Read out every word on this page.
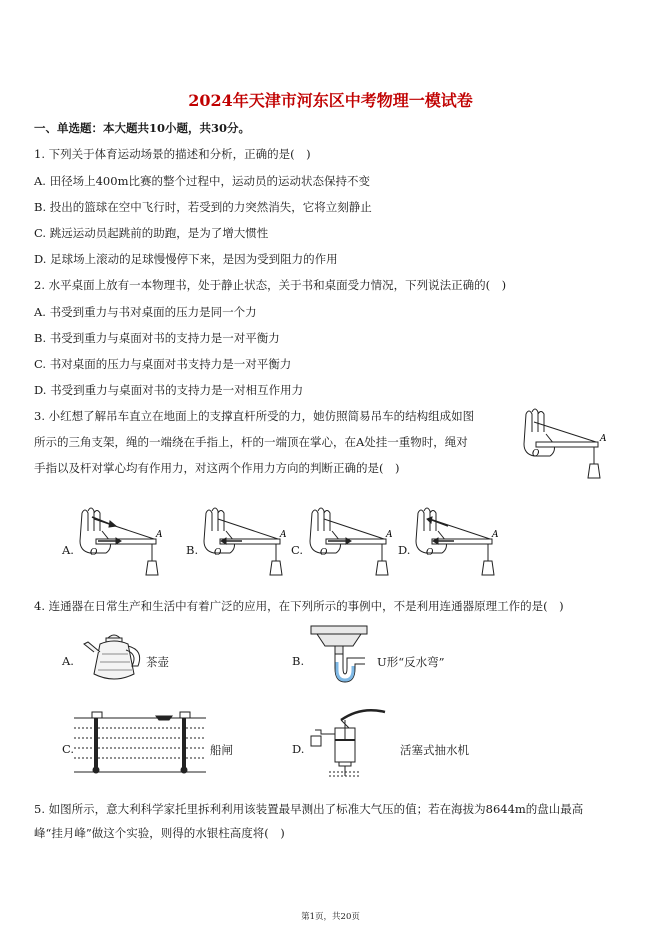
2024年天津市河东区中考物理一模试卷
一、单选题：本大题共10小题，共30分。
1. 下列关于体育运动场景的描述和分析，正确的是(　)
A. 田径场上400m比赛的整个过程中，运动员的运动状态保持不变
B. 投出的篮球在空中飞行时，若受到的力突然消失，它将立刻静止
C. 跳远运动员起跳前的助跑，是为了增大惯性
D. 足球场上滚动的足球慢慢停下来，是因为受到阻力的作用
2. 水平桌面上放有一本物理书，处于静止状态，关于书和桌面受力情况，下列说法正确的(　)
A. 书受到重力与书对桌面的压力是同一个力
B. 书受到重力与桌面对书的支持力是一对平衡力
C. 书对桌面的压力与桌面对书支持力是一对平衡力
D. 书受到重力与桌面对书的支持力是一对相互作用力
3. 小红想了解吊车直立在地面上的支撑直杆所受的力，她仿照简易吊车的结构组成如图
所示的三角支架，绳的一端绕在手指上，杆的一端顶在掌心，在A处挂一重物时，绳对
手指以及杆对掌心均有作用力，对这两个作用力方向的判断正确的是(　)
A
O
A.
A
O	B.
A
O	C.
A
O	D.
A
O
4. 连通器在日常生产和生活中有着广泛的应用，在下列所示的事例中，不是利用连通器原理工作的是(　)
A.	茶壶	B.	U形“反水弯”
C.	船闸	D.	活塞式抽水机
5. 如图所示，意大利科学家托里拆利利用该装置最早测出了标准大气压的值；若在海拔为8644m的盘山最高
峰“挂月峰”做这个实验，则得的水银柱高度将(　)
第1页，共20页
